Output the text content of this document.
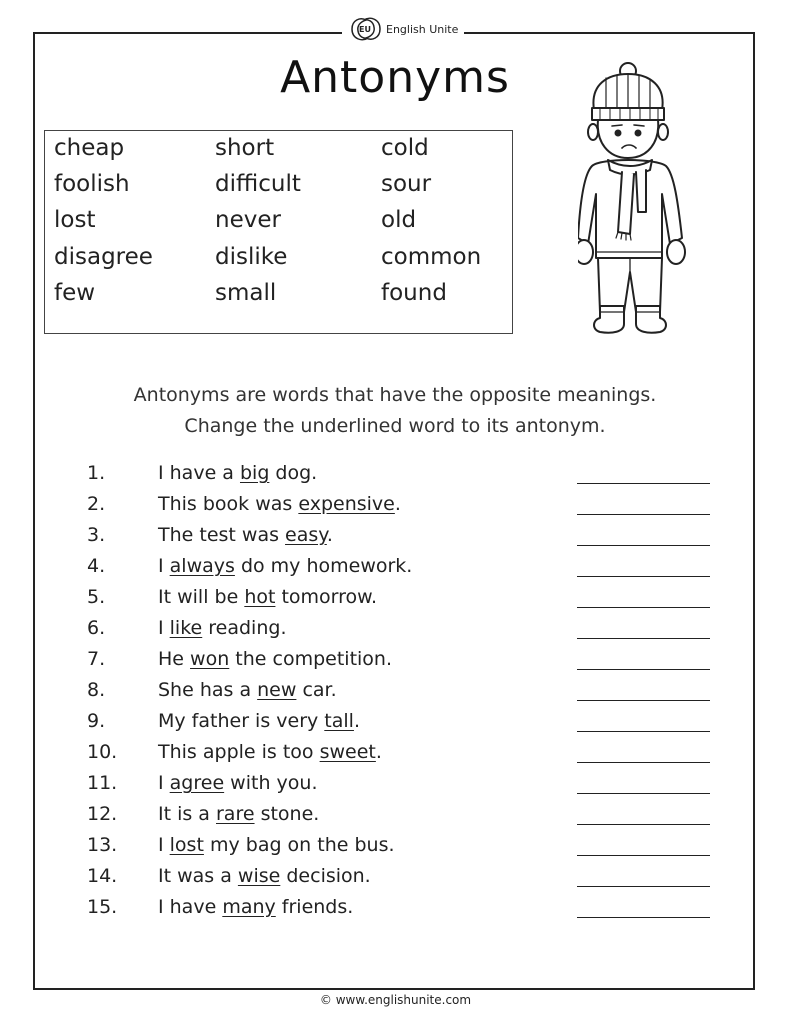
EU English Unite
Antonyms
cheap	short	cold
foolish	difficult	sour
lost	never	old
disagree	dislike	common
few	small	found
Antonyms are words that have the opposite meanings.
Change the underlined word to its antonym.
1.	I have a big dog.
2.	This book was expensive.
3.	The test was easy.
4.	I always do my homework.
5.	It will be hot tomorrow.
6.	I like reading.
7.	He won the competition.
8.	She has a new car.
9.	My father is very tall.
10. This apple is too sweet.
11. I agree with you.
12. It is a rare stone.
13. I lost my bag on the bus.
14. It was a wise decision.
15. I have many friends.
© www.englishunite.com
